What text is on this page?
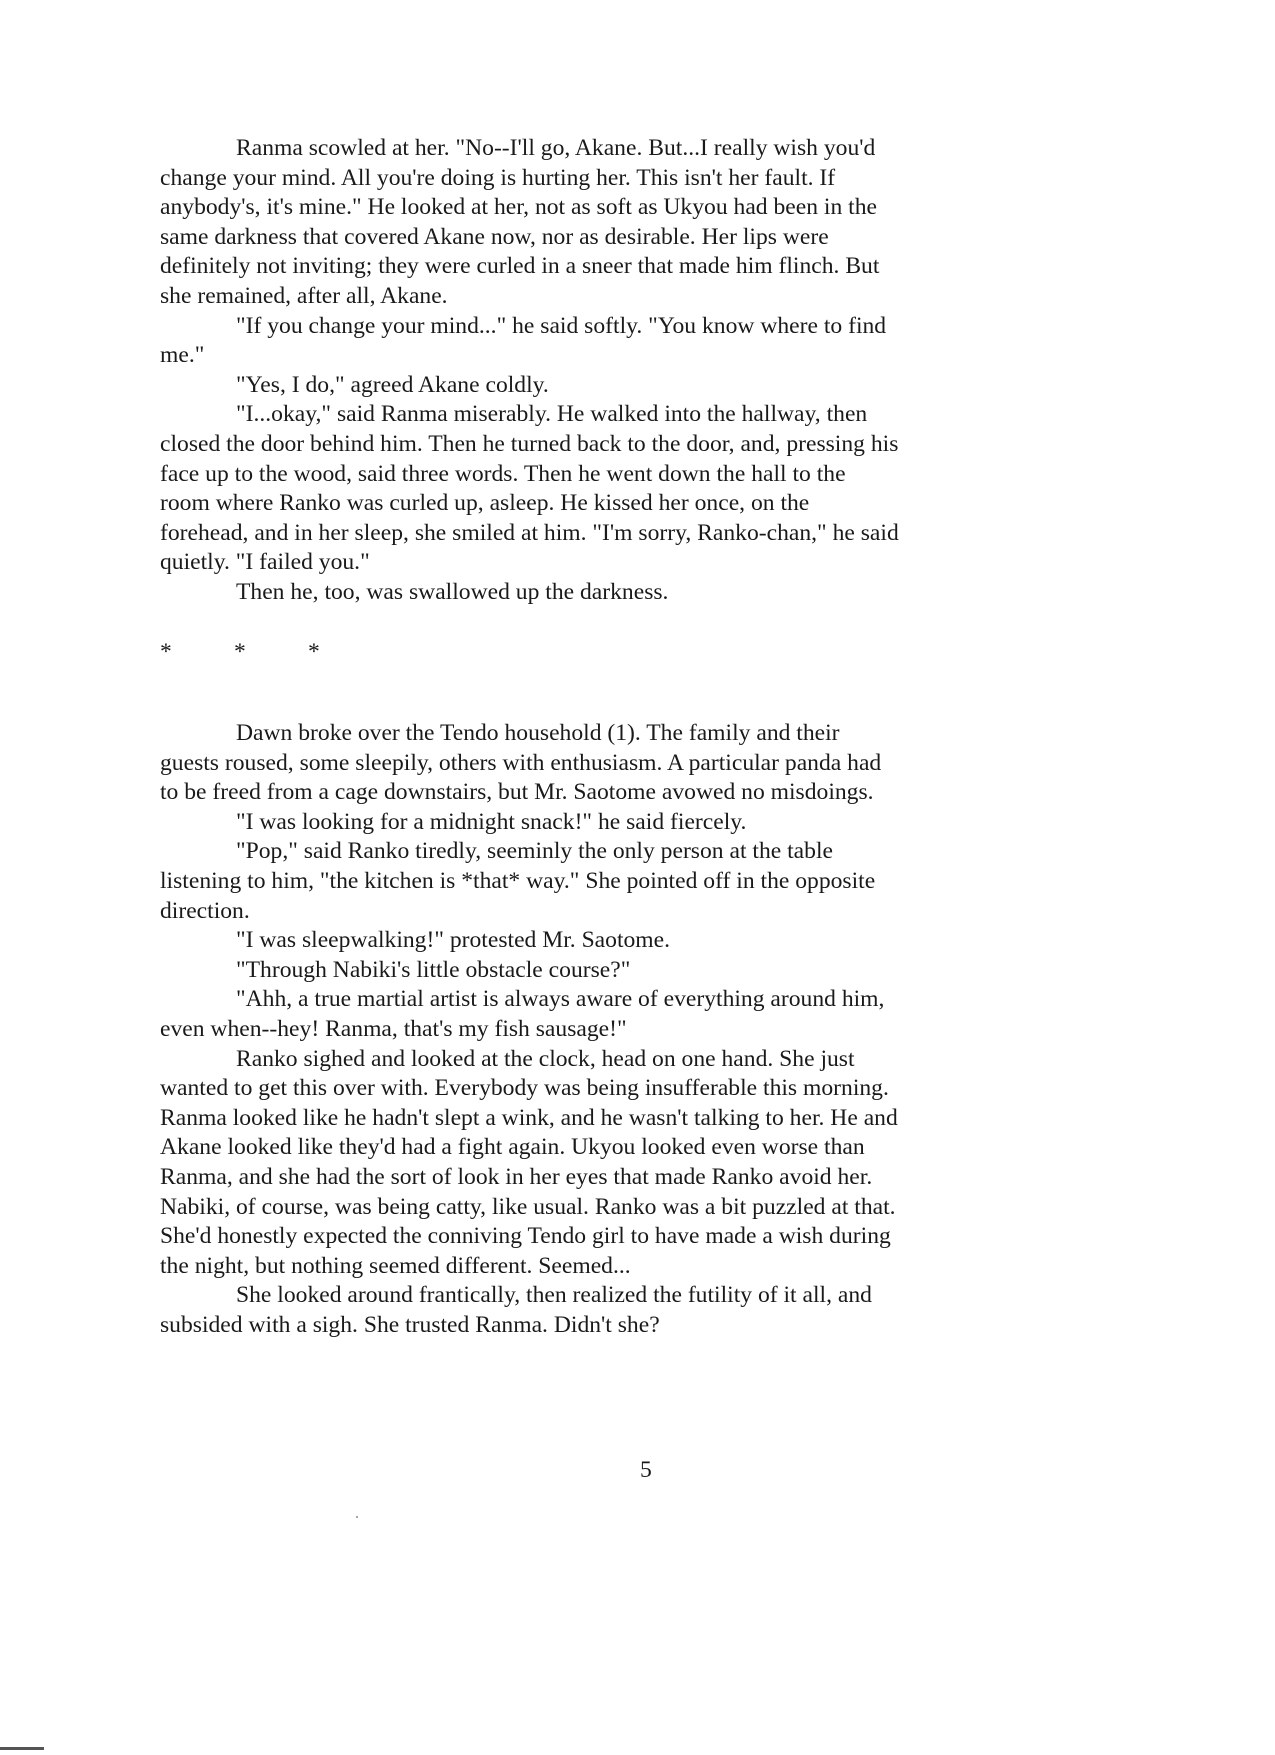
Ranma scowled at her. "No--I'll go, Akane. But...I really wish you'd change your mind. All you're doing is hurting her. This isn't her fault. If anybody's, it's mine." He looked at her, not as soft as Ukyou had been in the same darkness that covered Akane now, nor as desirable. Her lips were definitely not inviting; they were curled in a sneer that made him flinch. But she remained, after all, Akane.

"If you change your mind..." he said softly. "You know where to find me."

"Yes, I do," agreed Akane coldly.

"I...okay," said Ranma miserably. He walked into the hallway, then closed the door behind him. Then he turned back to the door, and, pressing his face up to the wood, said three words. Then he went down the hall to the room where Ranko was curled up, asleep. He kissed her once, on the forehead, and in her sleep, she smiled at him. "I'm sorry, Ranko-chan," he said quietly. "I failed you."

Then he, too, was swallowed up the darkness.

*	*	*

Dawn broke over the Tendo household (1). The family and their guests roused, some sleepily, others with enthusiasm. A particular panda had to be freed from a cage downstairs, but Mr. Saotome avowed no misdoings.

"I was looking for a midnight snack!" he said fiercely.

"Pop," said Ranko tiredly, seeminly the only person at the table listening to him, "the kitchen is *that* way." She pointed off in the opposite direction.

"I was sleepwalking!" protested Mr. Saotome.

"Through Nabiki's little obstacle course?"

"Ahh, a true martial artist is always aware of everything around him, even when--hey! Ranma, that's my fish sausage!"

Ranko sighed and looked at the clock, head on one hand. She just wanted to get this over with. Everybody was being insufferable this morning. Ranma looked like he hadn't slept a wink, and he wasn't talking to her. He and Akane looked like they'd had a fight again. Ukyou looked even worse than Ranma, and she had the sort of look in her eyes that made Ranko avoid her. Nabiki, of course, was being catty, like usual. Ranko was a bit puzzled at that. She'd honestly expected the conniving Tendo girl to have made a wish during the night, but nothing seemed different. Seemed...

She looked around frantically, then realized the futility of it all, and subsided with a sigh. She trusted Ranma. Didn't she?

5
